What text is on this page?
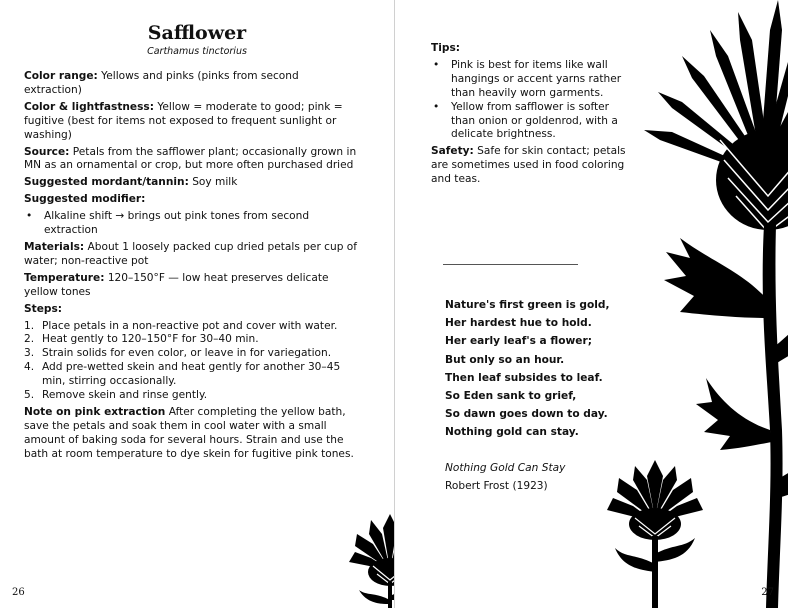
Safflower
Carthamus tinctorius

Color range: Yellows and pinks (pinks from second extraction)

Color & lightfastness: Yellow = moderate to good; pink = fugitive (best for items not exposed to frequent sunlight or washing)

Source: Petals from the safflower plant; occasionally grown in MN as an ornamental or crop, but more often purchased dried

Suggested mordant/tannin: Soy milk

Suggested modifier:

•	Alkaline shift → brings out pink tones from second extraction

Materials: About 1 loosely packed cup dried petals per cup of water; non-reactive pot

Temperature: 120–150°F — low heat preserves delicate yellow tones

Steps:

1. Place petals in a non-reactive pot and cover with water.
2. Heat gently to 120–150°F for 30–40 min.
3. Strain solids for even color, or leave in for variegation.
4. Add pre-wetted skein and heat gently for another 30–45 min, stirring occasionally.
5. Remove skein and rinse gently.

Note on pink extraction After completing the yellow bath, save the petals and soak them in cool water with a small amount of baking soda for several hours. Strain and use the bath at room temperature to dye skein for fugitive pink tones.

26

Tips:

•	Pink is best for items like wall hangings or accent yarns rather than heavily worn garments.
•	Yellow from safflower is softer than onion or goldenrod, with a delicate brightness.

Safety: Safe for skin contact; petals are sometimes used in food coloring and teas.

Nature's first green is gold,
Her hardest hue to hold.
Her early leaf's a flower;
But only so an hour.
Then leaf subsides to leaf.
So Eden sank to grief,
So dawn goes down to day.
Nothing gold can stay.
Nothing Gold Can Stay
Robert Frost (1923)
27
